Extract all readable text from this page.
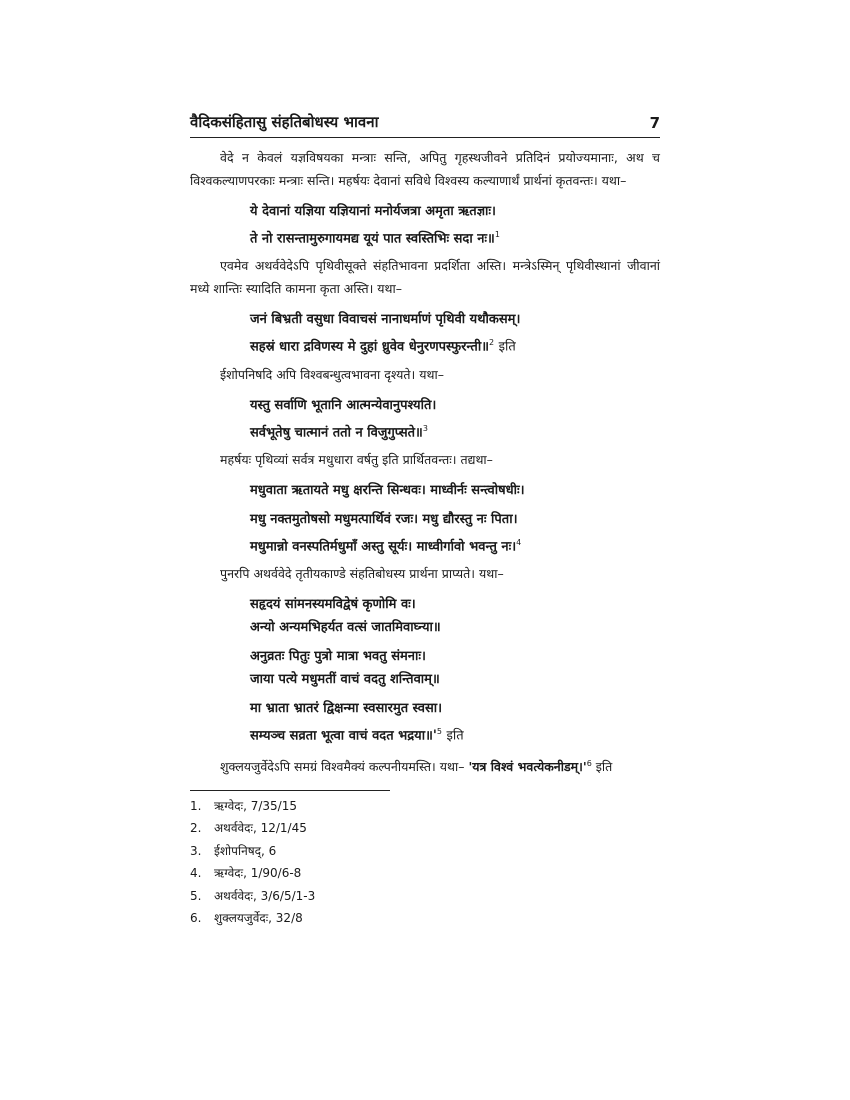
वैदिकसंहितासु संहतिबोधस्य भावना	7
वेदे न केवलं यज्ञविषयका मन्त्राः सन्ति, अपितु गृहस्थजीवने प्रतिदिनं प्रयोज्यमानाः, अथ च विश्वकल्याणपरकाः मन्त्राः सन्ति। महर्षयः देवानां सविधे विश्वस्य कल्याणार्थं प्रार्थनां कृतवन्तः। यथा–
ये देवानां यज्ञिया यज्ञियानां मनोर्यजत्रा अमृता ऋतज्ञाः।
ते नो रासन्तामुरुगायमद्य यूयं पात स्वस्तिभिः सदा नः॥$^1$
एवमेव अथर्ववेदेऽपि पृथिवीसूक्ते संहतिभावना प्रदर्शिता अस्ति। मन्त्रेऽस्मिन् पृथिवीस्थानां जीवानां मध्ये शान्तिः स्यादिति कामना कृता अस्ति। यथा–
जनं बिभ्रती वसुधा विवाचसं नानाधर्माणं पृथिवी यथौकसम्।
सहस्रं धारा द्रविणस्य मे दुहां ध्रुवेव धेनुरणपस्फुरन्ती॥$^2$ इति
ईशोपनिषदि अपि विश्वबन्धुत्वभावना दृश्यते। यथा–
यस्तु सर्वाणि भूतानि आत्मन्येवानुपश्यति।
सर्वभूतेषु चात्मानं ततो न विजुगुप्सते॥$^3$
महर्षयः पृथिव्यां सर्वत्र मधुधारा वर्षतु इति प्रार्थितवन्तः। तद्यथा–
मधुवाता ऋतायते मधु क्षरन्ति सिन्धवः। माध्वीर्नः सन्त्वोषधीः।
मधु नक्तमुतोषसो मधुमत्पार्थिवं रजः। मधु द्यौरस्तु नः पिता।
मधुमान्नो वनस्पतिर्मधुमाँ अस्तु सूर्यः। माध्वीर्गावो भवन्तु नः।$^4$
पुनरपि अथर्ववेदे तृतीयकाण्डे संहतिबोधस्य प्रार्थना प्राप्यते। यथा–
सहृदयं सांमनस्यमविद्वेषं कृणोमि वः।
अन्यो अन्यमभिहर्यत वत्सं जातमिवाघ्न्या॥
अनुव्रतः पितुः पुत्रो मात्रा भवतु संमनाः।
जाया पत्ये मधुमतीं वाचं वदतु शन्तिवाम्॥
मा भ्राता भ्रातरं द्विक्षन्मा स्वसारमुत स्वसा।
सम्यञ्च सव्रता भूत्वा वाचं वदत $भद्रया॥'^5$ इति
शुक्लयजुर्वेदेऽपि समग्रं विश्वमैक्यं कल्पनीयमस्ति। यथा– 'यत्र विश्वं $भवत्येकनीडम्।'^6$ इति
1.	ऋग्वेदः, 7/35/15
2.	अथर्ववेदः, 12/1/45
3.	ईशोपनिषद्, 6
4.	ऋग्वेदः, 1/90/6-8
5.	अथर्ववेदः, 3/6/5/1-3
6.	शुक्लयजुर्वेदः, 32/8
